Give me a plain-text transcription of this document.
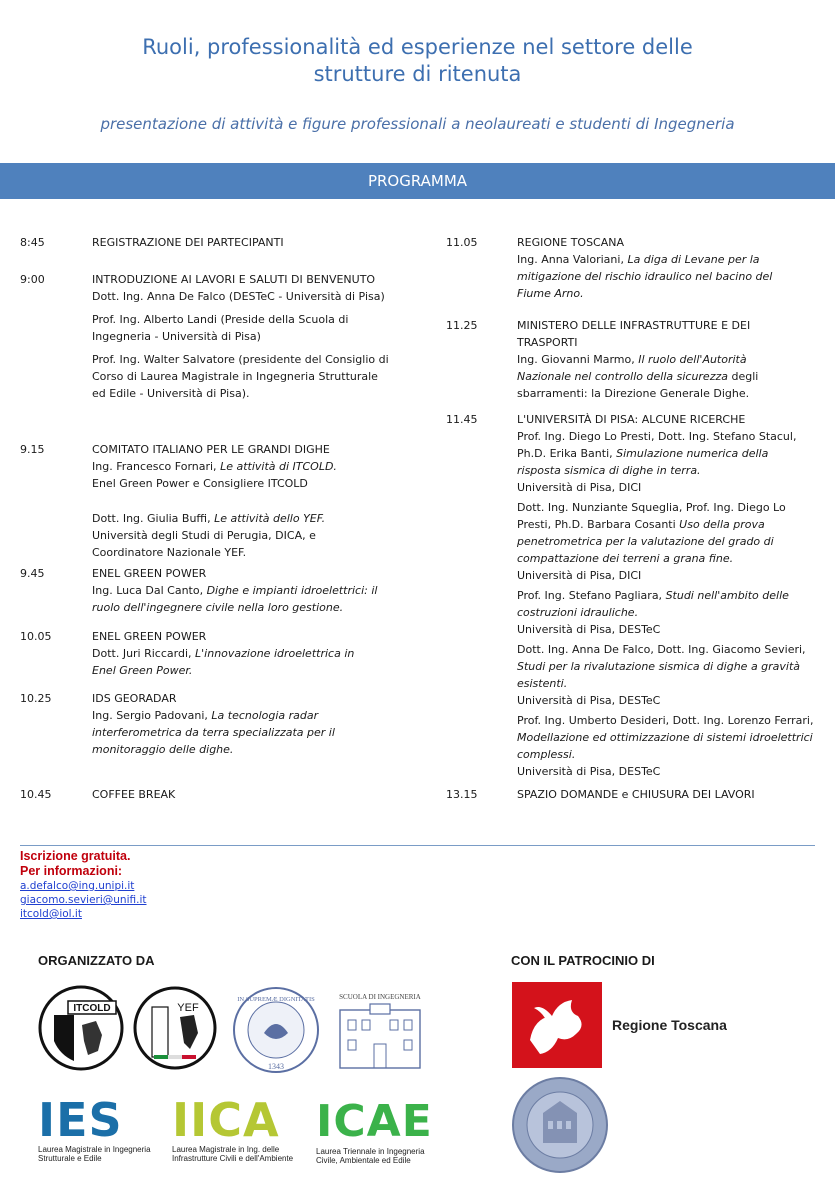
Ruoli, professionalità ed esperienze nel settore delle
strutture di ritenuta
presentazione di attività e figure professionali a neolaureati e studenti di Ingegneria
PROGRAMMA
8:45	REGISTRAZIONE DEI PARTECIPANTI
9:00	INTRODUZIONE AI LAVORI E SALUTI DI BENVENUTO
Dott. Ing. Anna De Falco (DESTeC - Università di Pisa)
Prof. Ing. Alberto Landi (Preside della Scuola di Ingegneria - Università di Pisa)
Prof. Ing. Walter Salvatore (presidente del Consiglio di Corso di Laurea Magistrale in Ingegneria Strutturale ed Edile - Università di Pisa).
9.15	COMITATO ITALIANO PER LE GRANDI DIGHE
Ing. Francesco Fornari, Le attività di ITCOLD.
Enel Green Power e Consigliere ITCOLD
Dott. Ing. Giulia Buffi, Le attività dello YEF.
Università degli Studi di Perugia, DICA, e Coordinatore Nazionale YEF.
9.45	ENEL GREEN POWER
Ing. Luca Dal Canto, Dighe e impianti idroelettrici: il ruolo dell'ingegnere civile nella loro gestione.
10.05	ENEL GREEN POWER
Dott. Juri Riccardi, L'innovazione idroelettrica in Enel Green Power.
10.25	IDS GEORADAR
Ing. Sergio Padovani, La tecnologia radar interferometrica da terra specializzata per il monitoraggio delle dighe.
10.45	COFFEE BREAK
11.05	REGIONE TOSCANA
Ing. Anna Valoriani, La diga di Levane per la mitigazione del rischio idraulico nel bacino del Fiume Arno.
11.25	MINISTERO DELLE INFRASTRUTTURE E DEI TRASPORTI
Ing. Giovanni Marmo, Il ruolo dell'Autorità Nazionale nel controllo della sicurezza degli sbarramenti: la Direzione Generale Dighe.
11.45	L'UNIVERSITÀ DI PISA: ALCUNE RICERCHE
Prof. Ing. Diego Lo Presti, Dott. Ing. Stefano Stacul, Ph.D. Erika Banti, Simulazione numerica della risposta sismica di dighe in terra.
Università di Pisa, DICI
Dott. Ing. Nunziante Squeglia, Prof. Ing. Diego Lo Presti, Ph.D. Barbara Cosanti Uso della prova penetrometrica per la valutazione del grado di compattazione dei terreni a grana fine.
Università di Pisa, DICI
Prof. Ing. Stefano Pagliara, Studi nell'ambito delle costruzioni idrauliche.
Università di Pisa, DESTeC
Dott. Ing. Anna De Falco, Dott. Ing. Giacomo Sevieri, Studi per la rivalutazione sismica di dighe a gravità esistenti.
Università di Pisa, DESTeC
Prof. Ing. Umberto Desideri, Dott. Ing. Lorenzo Ferrari, Modellazione ed ottimizzazione di sistemi idroelettrici complessi.
Università di Pisa, DESTeC
13.15	SPAZIO DOMANDE e CHIUSURA DEI LAVORI
Iscrizione gratuita.
Per informazioni:
a.defalco@ing.unipi.it
giacomo.sevieri@unifi.it
itcold@iol.it
ORGANIZZATO DA
ITCOLD	YEF
IN SUPREMÆ DIGNITATIS
1343
SCUOLA DI INGEGNERIA
IES
Laurea Magistrale in Ingegneria
Strutturale e Edile
IICA
Laurea Magistrale in Ing. delle
Infrastrutture Civili e dell'Ambiente
ICAE
Laurea Triennale in Ingegneria
Civile, Ambientale ed Edile
CON IL PATROCINIO DI
Regione Toscana
